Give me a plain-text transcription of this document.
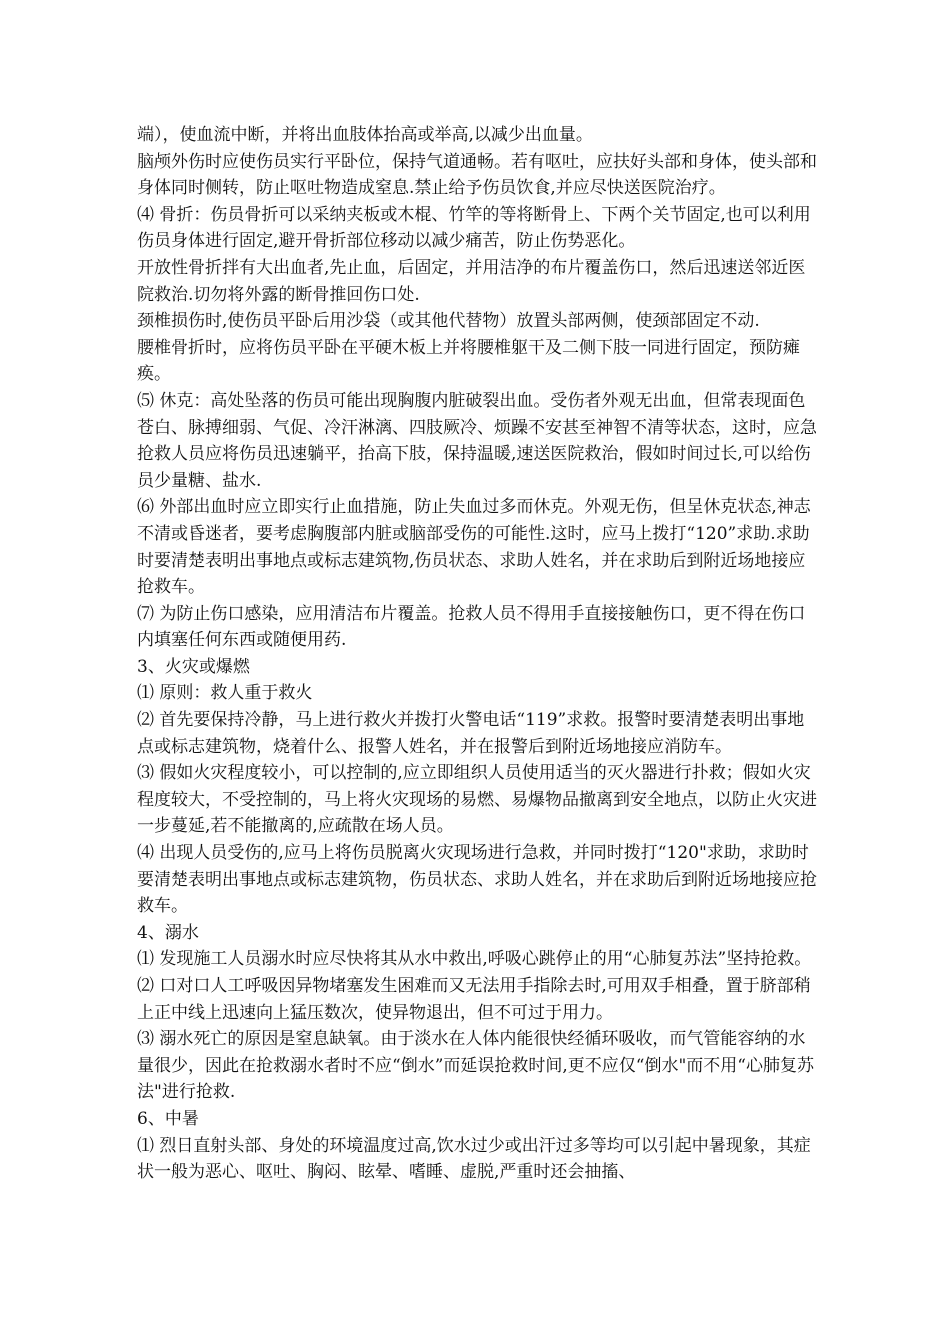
端），使血流中断，并将出血肢体抬高或举高,以减少出血量。

脑颅外伤时应使伤员实行平卧位，保持气道通畅。若有呕吐，应扶好头部和身体，使头部和身体同时侧转，防止呕吐物造成窒息.禁止给予伤员饮食,并应尽快送医院治疗。

⑷ 骨折：伤员骨折可以采纳夹板或木棍、竹竿的等将断骨上、下两个关节固定,也可以利用伤员身体进行固定,避开骨折部位移动以减少痛苦，防止伤势恶化。

开放性骨折拌有大出血者,先止血，后固定，并用洁净的布片覆盖伤口，然后迅速送邻近医院救治.切勿将外露的断骨推回伤口处.

颈椎损伤时,使伤员平卧后用沙袋（或其他代替物）放置头部两侧，使颈部固定不动.

腰椎骨折时，应将伤员平卧在平硬木板上并将腰椎躯干及二侧下肢一同进行固定，预防瘫痪。

⑸ 休克：高处坠落的伤员可能出现胸腹内脏破裂出血。受伤者外观无出血，但常表现面色苍白、脉搏细弱、气促、冷汗淋漓、四肢厥冷、烦躁不安甚至神智不清等状态，这时，应急抢救人员应将伤员迅速躺平，抬高下肢，保持温暖,速送医院救治，假如时间过长,可以给伤员少量糖、盐水.

⑹ 外部出血时应立即实行止血措施，防止失血过多而休克。外观无伤，但呈休克状态,神志不清或昏迷者，要考虑胸腹部内脏或脑部受伤的可能性.这时，应马上拨打“120”求助.求助时要清楚表明出事地点或标志建筑物,伤员状态、求助人姓名，并在求助后到附近场地接应抢救车。

⑺ 为防止伤口感染，应用清洁布片覆盖。抢救人员不得用手直接接触伤口，更不得在伤口内填塞任何东西或随便用药.

3、火灾或爆燃

⑴ 原则：救人重于救火

⑵ 首先要保持冷静，马上进行救火并拨打火警电话“119”求救。报警时要清楚表明出事地点或标志建筑物，烧着什么、报警人姓名，并在报警后到附近场地接应消防车。

⑶ 假如火灾程度较小，可以控制的,应立即组织人员使用适当的灭火器进行扑救；假如火灾程度较大，不受控制的，马上将火灾现场的易燃、易爆物品撤离到安全地点，以防止火灾进一步蔓延,若不能撤离的,应疏散在场人员。

⑷ 出现人员受伤的,应马上将伤员脱离火灾现场进行急救，并同时拨打“120"求助，求助时要清楚表明出事地点或标志建筑物，伤员状态、求助人姓名，并在求助后到附近场地接应抢救车。

4、溺水

⑴ 发现施工人员溺水时应尽快将其从水中救出,呼吸心跳停止的用“心肺复苏法”坚持抢救。

⑵ 口对口人工呼吸因异物堵塞发生困难而又无法用手指除去时,可用双手相叠，置于脐部稍上正中线上迅速向上猛压数次，使异物退出，但不可过于用力。

⑶ 溺水死亡的原因是窒息缺氧。由于淡水在人体内能很快经循环吸收，而气管能容纳的水量很少，因此在抢救溺水者时不应“倒水”而延误抢救时间,更不应仅“倒水"而不用“心肺复苏法"进行抢救.

6、中暑

⑴ 烈日直射头部、身处的环境温度过高,饮水过少或出汗过多等均可以引起中暑现象，其症状一般为恶心、呕吐、胸闷、眩晕、嗜睡、虚脱,严重时还会抽搐、
